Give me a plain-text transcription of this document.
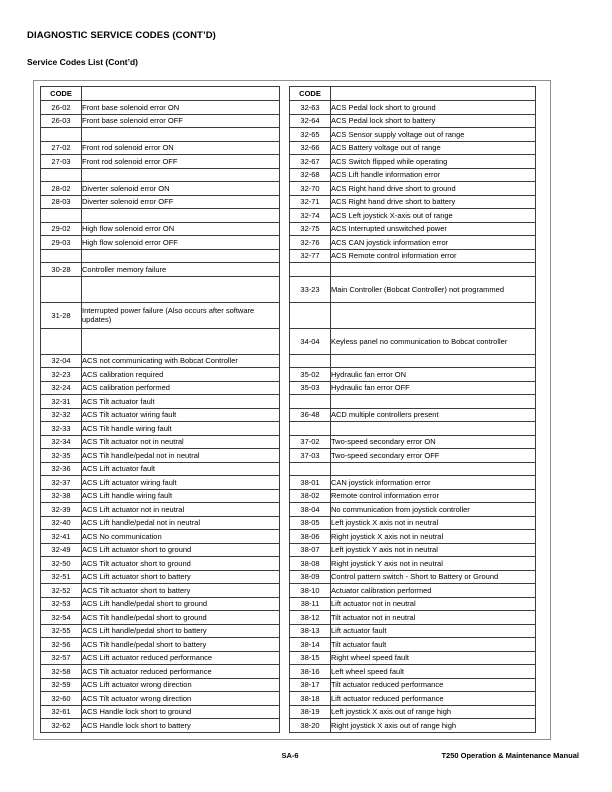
DIAGNOSTIC SERVICE CODES (CONT’D)
Service Codes List (Cont’d)
CODE	
26-02	Front base solenoid error ON
26-03	Front base solenoid error OFF

27-02	Front rod solenoid error ON
27-03	Front rod solenoid error OFF

28-02	Diverter solenoid error ON
28-03	Diverter solenoid error OFF

29-02	High flow solenoid error ON
29-03	High flow solenoid error OFF

30-28	Controller memory failure

31-28	Interrupted power failure (Also occurs after software updates)

32-04	ACS not communicating with Bobcat Controller
32-23	ACS calibration required
32-24	ACS calibration performed
32-31	ACS Tilt actuator fault
32-32	ACS Tilt actuator wiring fault
32-33	ACS Tilt handle wiring fault
32-34	ACS Tilt actuator not in neutral
32-35	ACS Tilt handle/pedal not in neutral
32-36	ACS Lift actuator fault
32-37	ACS Lift actuator wiring fault
32-38	ACS Lift handle wiring fault
32-39	ACS Lift actuator not in neutral
32-40	ACS Lift handle/pedal not in neutral
32-41	ACS No communication
32-49	ACS Lift actuator short to ground
32-50	ACS Tilt actuator short to ground
32-51	ACS Lift actuator short to battery
32-52	ACS Tilt actuator short to battery
32-53	ACS Lift handle/pedal short to ground
32-54	ACS Tilt handle/pedal short to ground
32-55	ACS Lift handle/pedal short to battery
32-56	ACS Tilt handle/pedal short to battery
32-57	ACS Lift actuator reduced performance
32-58	ACS Tilt actuator reduced performance
32-59	ACS Lift actuator wrong direction
32-60	ACS Tilt actuator wrong direction
32-61	ACS Handle lock short to ground
32-62	ACS Handle lock short to battery
CODE	
32-63	ACS Pedal lock short to ground
32-64	ACS Pedal lock short to battery
32-65	ACS Sensor supply voltage out of range
32-66	ACS Battery voltage out of range
32-67	ACS Switch flipped while operating
32-68	ACS Lift handle information error
32-70	ACS Right hand drive short to ground
32-71	ACS Right hand drive short to battery
32-74	ACS Left joystick X-axis out of range
32-75	ACS Interrupted unswitched power
32-76	ACS CAN joystick information error
32-77	ACS Remote control information error

33-23	Main Controller (Bobcat Controller) not programmed

34-04	Keyless panel no communication to Bobcat controller

35-02	Hydraulic fan error ON
35-03	Hydraulic fan error OFF

36-48	ACD multiple controllers present

37-02	Two-speed secondary error ON
37-03	Two-speed secondary error OFF

38-01	CAN joystick information error
38-02	Remote control information error
38-04	No communication from joystick controller
38-05	Left joystick X axis not in neutral
38-06	Right joystick X axis not in neutral
38-07	Left joystick Y axis not in neutral
38-08	Right joystick Y axis not in neutral
38-09	Control pattern switch - Short to Battery or Ground
38-10	Actuator calibration performed
38-11	Lift actuator not in neutral
38-12	Tilt actuator not in neutral
38-13	Lift actuator fault
38-14	Tilt actuator fault
38-15	Right wheel speed fault
38-16	Left wheel speed fault
38-17	Tilt actuator reduced performance
38-18	Lift actuator reduced performance
38-19	Left joystick X axis out of range high
38-20	Right joystick X axis out of range high
SA-6	T250 Operation & Maintenance Manual
